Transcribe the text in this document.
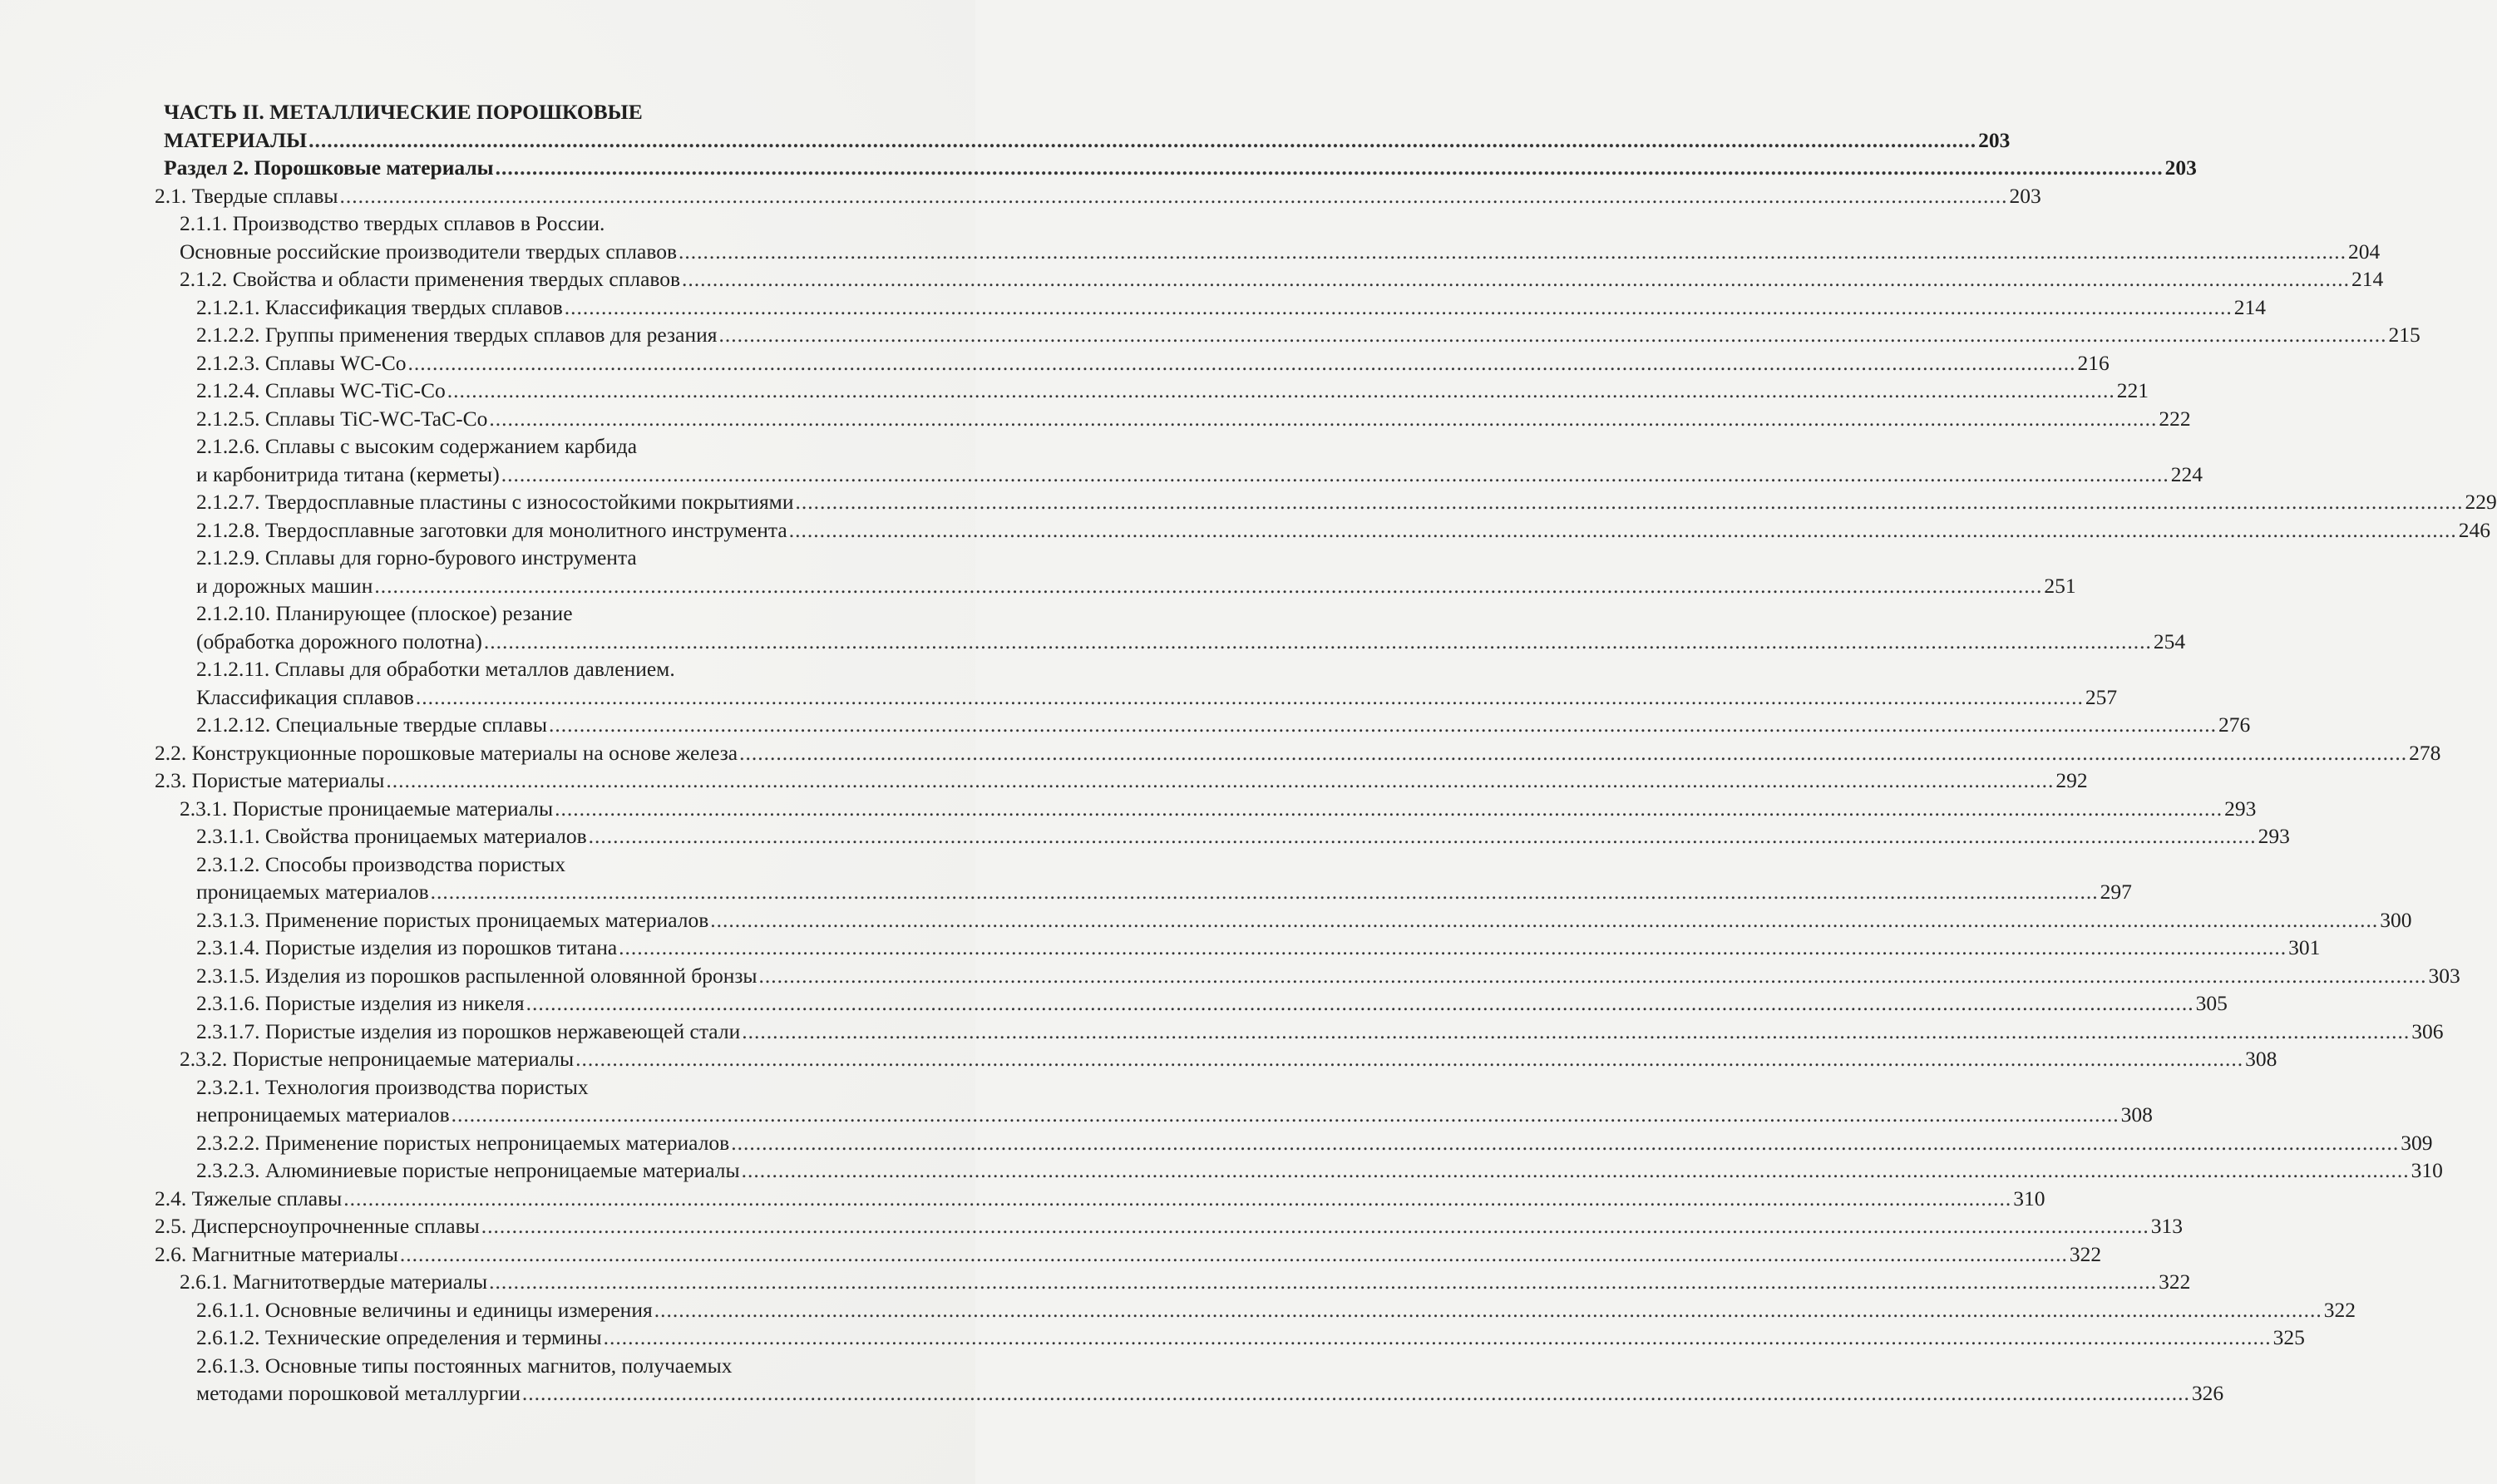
ЧАСТЬ II. МЕТАЛЛИЧЕСКИЕ ПОРОШКОВЫЕ
МАТЕРИАЛЫ .....	203
Раздел 2. Порошковые материалы .....	203
2.1. Твердые сплавы .....	203
2.1.1. Производство твердых сплавов в России.
Основные российские производители твердых сплавов .....	204
2.1.2. Свойства и области применения твердых сплавов .....	214
2.1.2.1. Классификация твердых сплавов .....	214
2.1.2.2. Группы применения твердых сплавов для резания .....	215
2.1.2.3. Сплавы WC-Co .....	216
2.1.2.4. Сплавы WC-TiC-Co .....	221
2.1.2.5. Сплавы TiC-WC-TaC-Co .....	222
2.1.2.6. Сплавы с высоким содержанием карбида
и карбонитрида титана (керметы) .....	224
2.1.2.7. Твердосплавные пластины с износостойкими покрытиями .....	229
2.1.2.8. Твердосплавные заготовки для монолитного инструмента .....	246
2.1.2.9. Сплавы для горно-бурового инструмента
и дорожных машин .....	251
2.1.2.10. Планирующее (плоское) резание
(обработка дорожного полотна) .....	254
2.1.2.11. Сплавы для обработки металлов давлением.
Классификация сплавов .....	257
2.1.2.12. Специальные твердые сплавы .....	276
2.2. Конструкционные порошковые материалы на основе железа .....	278
2.3. Пористые материалы .....	292
2.3.1. Пористые проницаемые материалы .....	293
2.3.1.1. Свойства проницаемых материалов .....	293
2.3.1.2. Способы производства пористых
проницаемых материалов .....	297
2.3.1.3. Применение пористых проницаемых материалов .....	300
2.3.1.4. Пористые изделия из порошков титана .....	301
2.3.1.5. Изделия из порошков распыленной оловянной бронзы .....	303
2.3.1.6. Пористые изделия из никеля .....	305
2.3.1.7. Пористые изделия из порошков нержавеющей стали .....	306
2.3.2. Пористые непроницаемые материалы .....	308
2.3.2.1. Технология производства пористых
непроницаемых материалов .....	308
2.3.2.2. Применение пористых непроницаемых материалов .....	309
2.3.2.3. Алюминиевые пористые непроницаемые материалы .....	310
2.4. Тяжелые сплавы .....	310
2.5. Дисперсноупрочненные сплавы .....	313
2.6. Магнитные материалы .....	322
2.6.1. Магнитотвердые материалы .....	322
2.6.1.1. Основные величины и единицы измерения .....	322
2.6.1.2. Технические определения и термины .....	325
2.6.1.3. Основные типы постоянных магнитов, получаемых
методами порошковой металлургии .....	326
